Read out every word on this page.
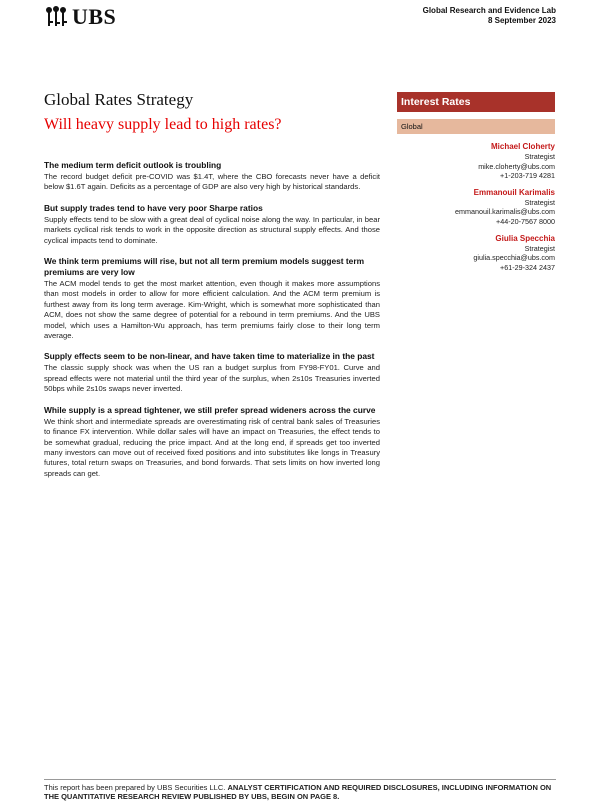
UBS	Global Research and Evidence Lab
8 September 2023
Global Rates Strategy
Will heavy supply lead to high rates?
The medium term deficit outlook is troubling

The record budget deficit pre-COVID was $1.4T, where the CBO forecasts never have a deficit below $1.6T again. Deficits as a percentage of GDP are also very high by historical standards.

But supply trades tend to have very poor Sharpe ratios

Supply effects tend to be slow with a great deal of cyclical noise along the way. In particular, in bear markets cyclical risk tends to work in the opposite direction as structural supply effects. And those cyclical impacts tend to dominate.

We think term premiums will rise, but not all term premium models suggest term premiums are very low

The ACM model tends to get the most market attention, even though it makes more assumptions than most models in order to allow for more efficient calculation. And the ACM term premium is furthest away from its long term average. Kim-Wright, which is somewhat more sophisticated than ACM, does not show the same degree of potential for a rebound in term premiums. And the UBS model, which uses a Hamilton-Wu approach, has term premiums fairly close to their long term average.

Supply effects seem to be non-linear, and have taken time to materialize in the past

The classic supply shock was when the US ran a budget surplus from FY98-FY01. Curve and spread effects were not material until the third year of the surplus, when 2s10s Treasuries inverted 50bps while 2s10s swaps never inverted.

While supply is a spread tightener, we still prefer spread wideners across the curve

We think short and intermediate spreads are overestimating risk of central bank sales of Treasuries to finance FX intervention. While dollar sales will have an impact on Treasuries, the effect tends to be somewhat gradual, reducing the price impact. And at the long end, if spreads get too inverted many investors can move out of received fixed positions and into substitutes like longs in Treasury futures, total return swaps on Treasuries, and bond forwards. That sets limits on how inverted long spreads can get.

Interest Rates
Global
Michael Cloherty
Strategist
mike.cloherty@ubs.com
+1-203-719 4281
Emmanouil Karimalis
Strategist
emmanouil.karimalis@ubs.com
+44-20-7567 8000
Giulia Specchia
Strategist
giulia.specchia@ubs.com
+61-29-324 2437
This report has been prepared by UBS Securities LLC. ANALYST CERTIFICATION AND REQUIRED DISCLOSURES, INCLUDING INFORMATION ON THE QUANTITATIVE RESEARCH REVIEW PUBLISHED BY UBS, BEGIN ON PAGE 8.
